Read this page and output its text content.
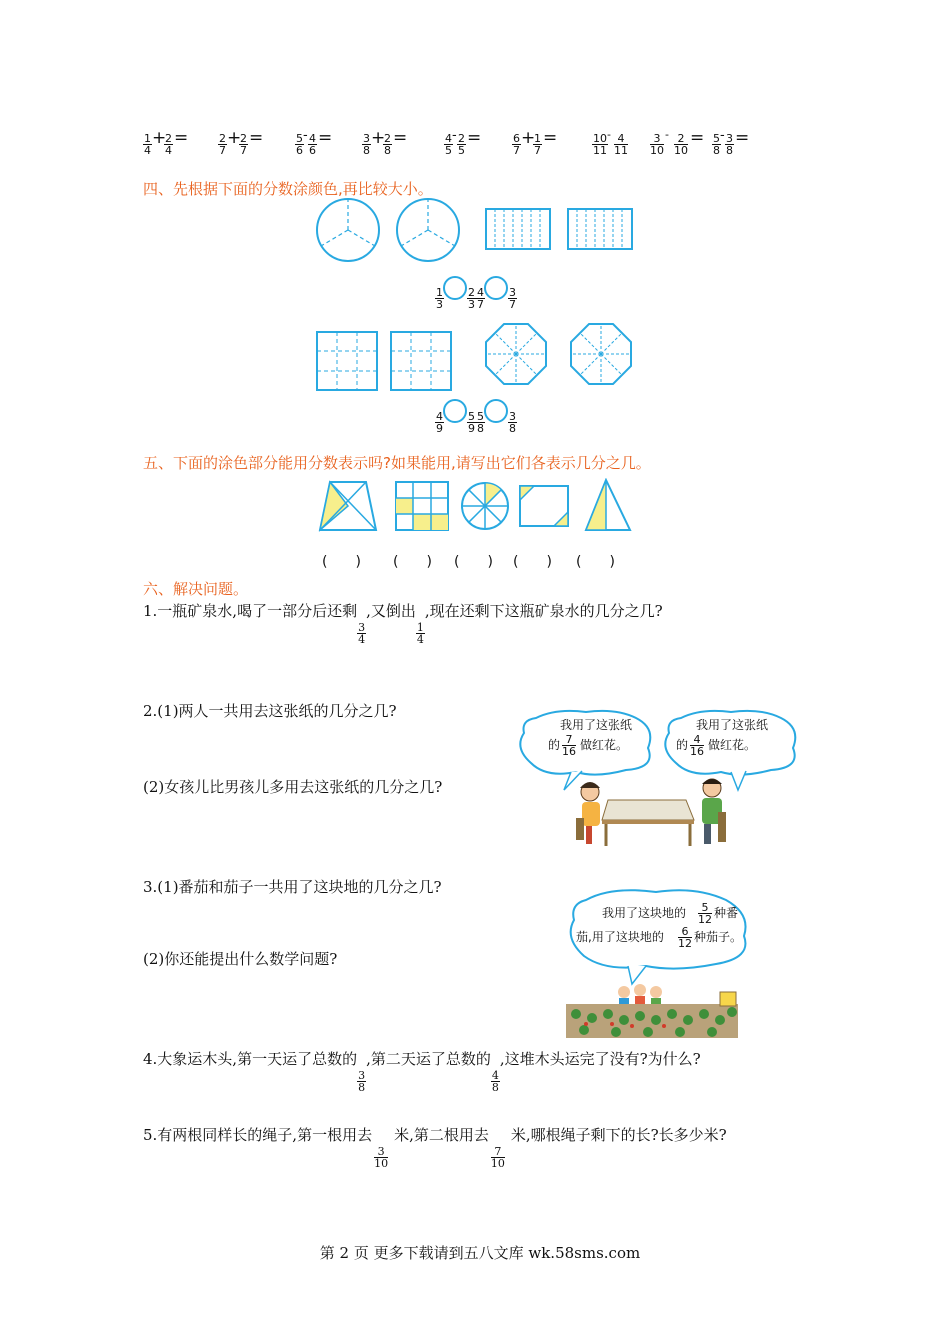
$\frac{1}{4}$ +
$\frac{2}{4}$ =	$\frac{2}{7}$ +
$\frac{2}{7}$ =	$\frac{5}{6} - \frac{4}{6}$ =	$\frac{3}{8}$ +
$\frac{2}{8}$ =	$\frac{4}{5} - \frac{2}{5}$ =	$\frac{6}{7}$ +
$\frac{1}{7}$ =	$\frac{10}{11} - \frac{4}{11} \frac{3}{10} - \frac{2}{10} = \frac{5}{8} - \frac{3}{8}$ =
四、先根据下面的分数涂颜色,再比较大小。
$\frac{1}{3} \frac{2}{3} \frac{4}{7} \frac{3}{7}$
$\frac{4}{9} \frac{5}{9} \frac{5}{8} \frac{3}{8}$
五、下面的涂色部分能用分数表示吗?如果能用,请写出它们各表示几分之几。
(　　) (　　) (　　) (　　) (　　)
六、解决问题。
1.一瓶矿泉水,喝了一部分后还剩
$\frac{3}{4}$
,又倒出
$\frac{1}{4}$
,现在还剩下这瓶矿泉水的几分之几?
2.(1)两人一共用去这张纸的几分之几?
(2)女孩儿比男孩儿多用去这张纸的几分之几?
我用了这张纸
的 $\frac{7}{16}$ 做红花。
我用了这张纸
的 $\frac{4}{16}$ 做红花。
3.(1)番茄和茄子一共用了这块地的几分之几?
(2)你还能提出什么数学问题?
我用了这块地的 $\frac{5}{12}$ 种番
茄,用了这块地的 $\frac{6}{12}$ 种茄子。
4.大象运木头,第一天运了总数的
$\frac{3}{8}$
,第二天运了总数的
$\frac{4}{8}$
,这堆木头运完了没有?为什么?
5.有两根同样长的绳子,第一根用去
$\frac{3}{10}$
米,第二根用去
$\frac{7}{10}$
米,哪根绳子剩下的长?长多少米?
第 2 页 更多下载请到五八文库 wk.58sms.com
